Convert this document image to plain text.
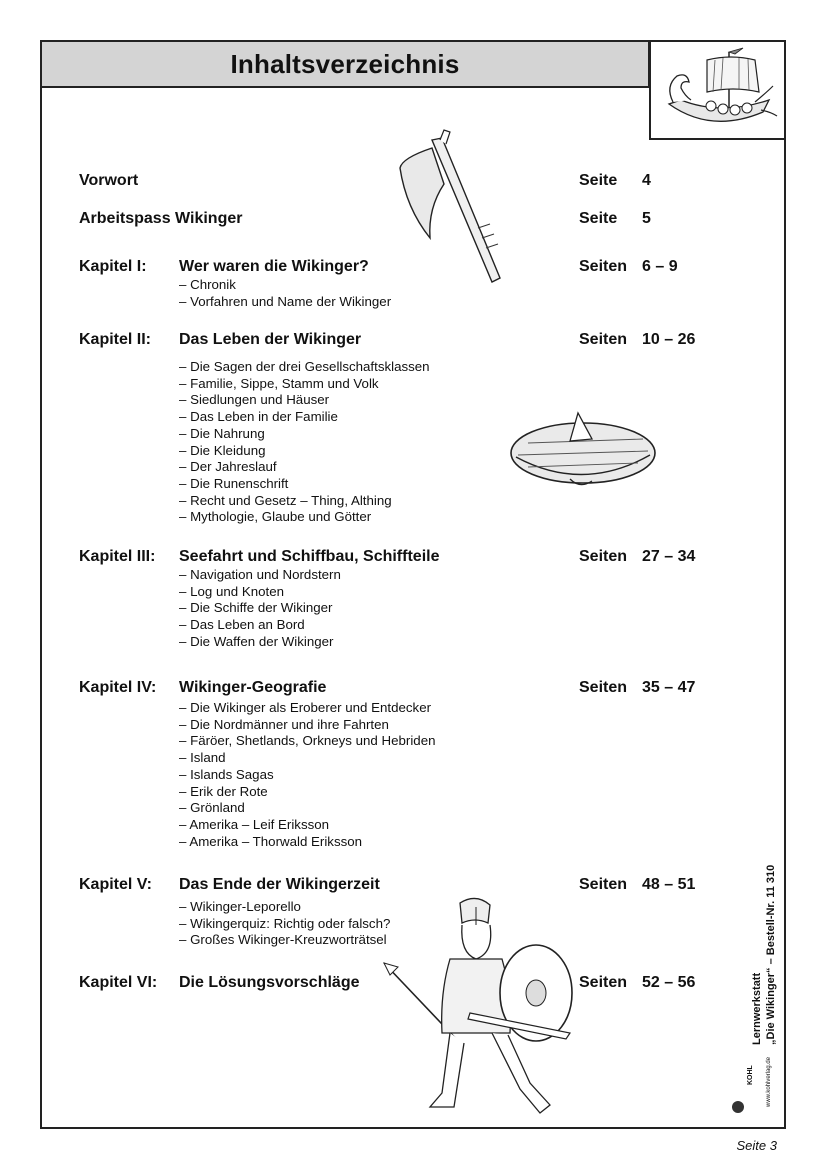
Inhaltsverzeichnis
Vorwort	Seite 4
Arbeitspass Wikinger	Seite 5
Kapitel I: Wer waren die Wikinger?	Seiten 6 – 9
– Chronik
– Vorfahren und Name der Wikinger
Kapitel II: Das Leben der Wikinger	Seiten 10 – 26
– Die Sagen der drei Gesellschaftsklassen
– Familie, Sippe, Stamm und Volk
– Siedlungen und Häuser
– Das Leben in der Familie
– Die Nahrung
– Die Kleidung
– Der Jahreslauf
– Die Runenschrift
– Recht und Gesetz – Thing, Althing
– Mythologie, Glaube und Götter
Kapitel III: Seefahrt und Schiffbau, Schiffteile	Seiten 27 – 34
– Navigation und Nordstern
– Log und Knoten
– Die Schiffe der Wikinger
– Das Leben an Bord
– Die Waffen der Wikinger
Kapitel IV: Wikinger-Geografie	Seiten 35 – 47
– Die Wikinger als Eroberer und Entdecker
– Die Nordmänner und ihre Fahrten
– Färöer, Shetlands, Orkneys und Hebriden
– Island
– Islands Sagas
– Erik der Rote
– Grönland
– Amerika – Leif Eriksson
– Amerika – Thorwald Eriksson
Kapitel V: Das Ende der Wikingerzeit	Seiten 48 – 51
– Wikinger-Leporello
– Wikingerquiz: Richtig oder falsch?
– Großes Wikinger-Kreuzworträtsel
Kapitel VI: Die Lösungsvorschläge	Seiten 52 – 56	Lernwerkstatt „Die Wikinger“ – Bestell-Nr. 11 310
KOHL www.kohlverlag.de
Seite 3
